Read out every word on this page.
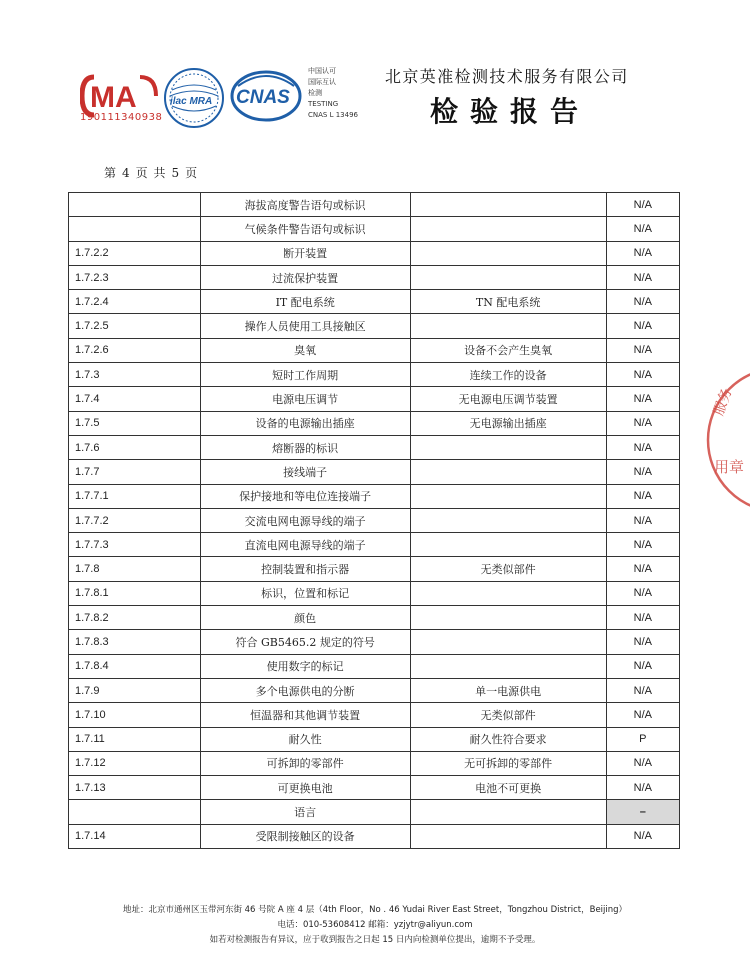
MA
190111340938
ilac MRA CNAS
中国认可
国际互认
检测
TESTING
CNAS L 13496
北京英准检测技术服务有限公司
检验报告
第 4 页 共 5 页
服务
用章
	海拔高度警告语句或标识		N/A
	气候条件警告语句或标识		N/A
1.7.2.2	断开装置		N/A
1.7.2.3	过流保护装置		N/A
1.7.2.4	IT 配电系统	TN 配电系统	N/A
1.7.2.5	操作人员使用工具接触区		N/A
1.7.2.6	臭氧	设备不会产生臭氧	N/A
1.7.3	短时工作周期	连续工作的设备	N/A
1.7.4	电源电压调节	无电源电压调节装置	N/A
1.7.5	设备的电源输出插座	无电源输出插座	N/A
1.7.6	熔断器的标识		N/A
1.7.7	接线端子		N/A
1.7.7.1	保护接地和等电位连接端子		N/A
1.7.7.2	交流电网电源导线的端子		N/A
1.7.7.3	直流电网电源导线的端子		N/A
1.7.8	控制装置和指示器	无类似部件	N/A
1.7.8.1	标识，位置和标记		N/A
1.7.8.2	颜色		N/A
1.7.8.3	符合 GB5465.2 规定的符号		N/A
1.7.8.4	使用数字的标记		N/A
1.7.9	多个电源供电的分断	单一电源供电	N/A
1.7.10	恒温器和其他调节装置	无类似部件	N/A
1.7.11	耐久性	耐久性符合要求	P
1.7.12	可拆卸的零部件	无可拆卸的零部件	N/A
1.7.13	可更换电池	电池不可更换	N/A
	语言		–
1.7.14	受限制接触区的设备		N/A
地址：北京市通州区玉带河东街 46 号院 A 座 4 层（4th Floor，No . 46 Yudai River East Street，Tongzhou District，Beijing）
电话：010-53608412 邮箱：yzjytr@aliyun.com
如若对检测报告有异议，应于收到报告之日起 15 日内向检测单位提出，逾期不予受理。
